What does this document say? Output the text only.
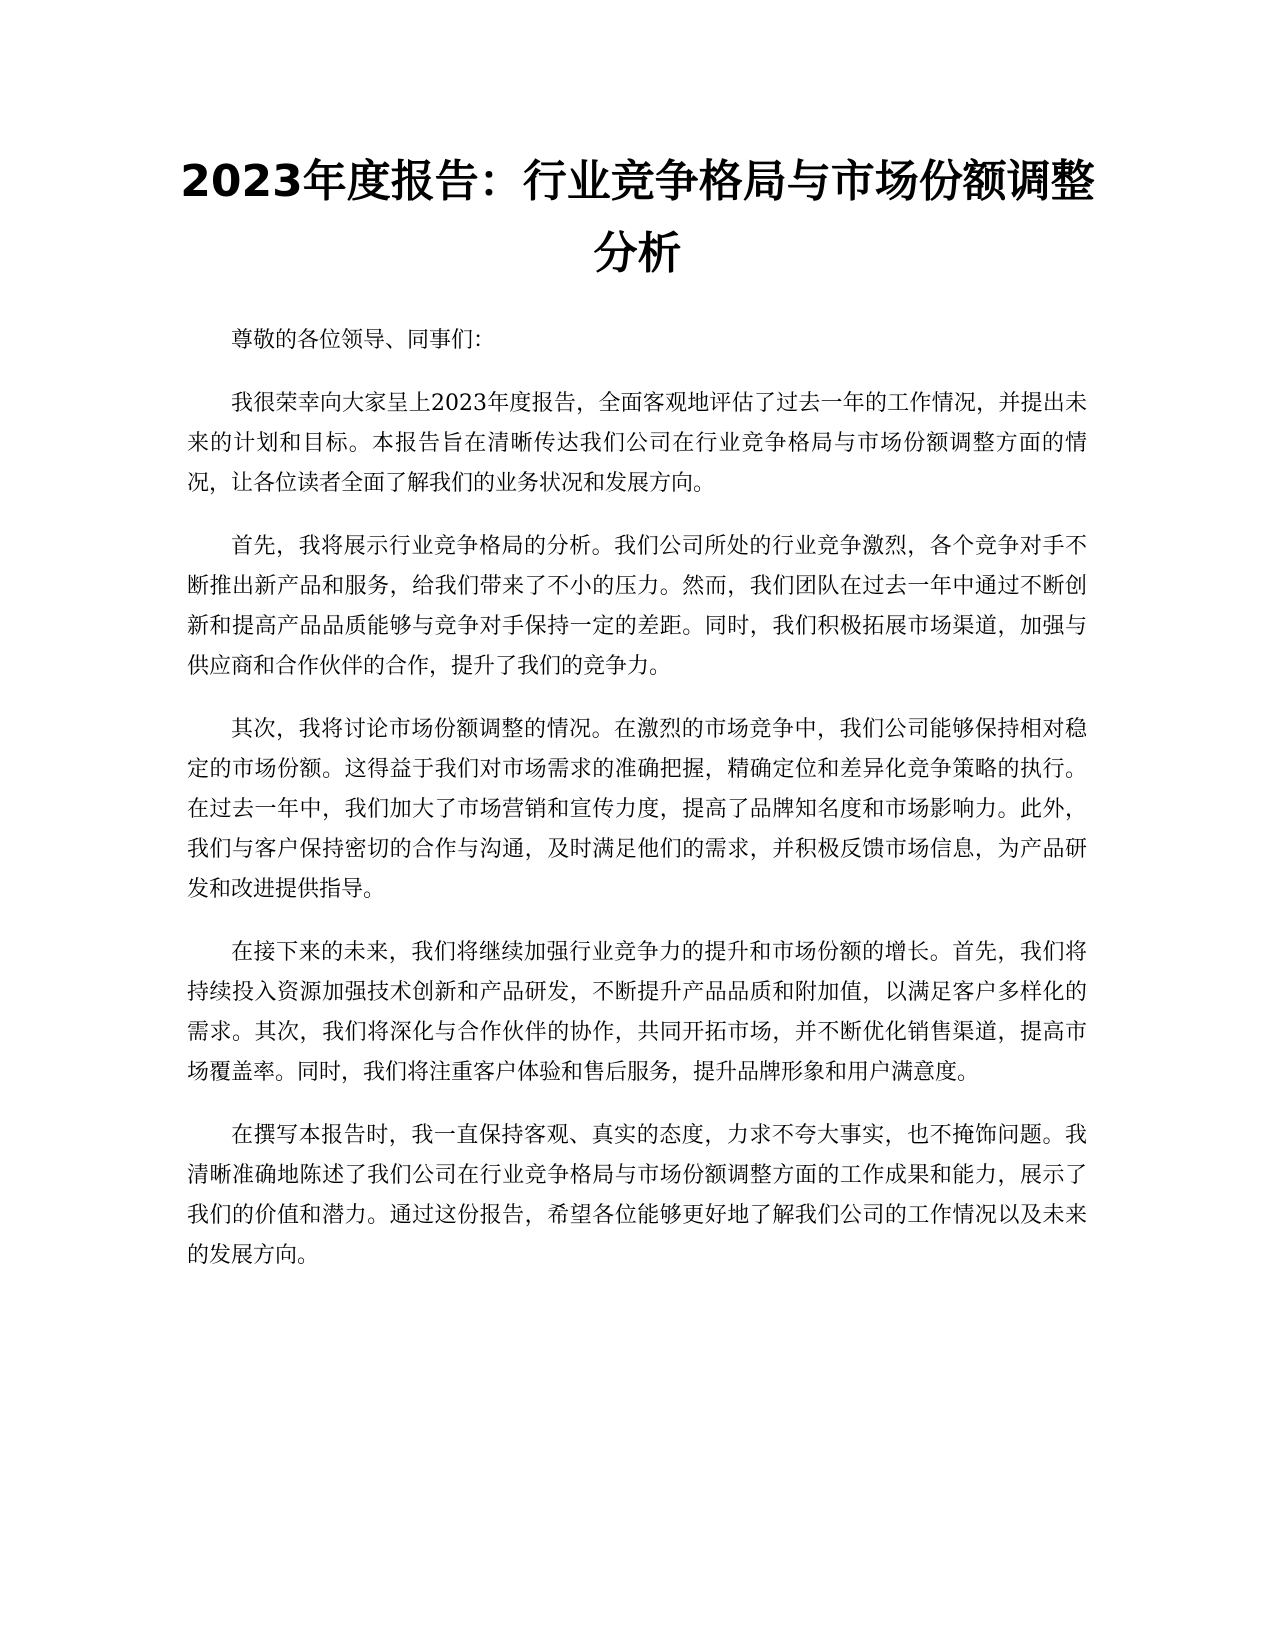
2023年度报告：行业竞争格局与市场份额调整分析

尊敬的各位领导、同事们：

我很荣幸向大家呈上2023年度报告，全面客观地评估了过去一年的工作情况，并提出未来的计划和目标。本报告旨在清晰传达我们公司在行业竞争格局与市场份额调整方面的情况，让各位读者全面了解我们的业务状况和发展方向。

首先，我将展示行业竞争格局的分析。我们公司所处的行业竞争激烈，各个竞争对手不断推出新产品和服务，给我们带来了不小的压力。然而，我们团队在过去一年中通过不断创新和提高产品品质能够与竞争对手保持一定的差距。同时，我们积极拓展市场渠道，加强与供应商和合作伙伴的合作，提升了我们的竞争力。

其次，我将讨论市场份额调整的情况。在激烈的市场竞争中，我们公司能够保持相对稳定的市场份额。这得益于我们对市场需求的准确把握，精确定位和差异化竞争策略的执行。在过去一年中，我们加大了市场营销和宣传力度，提高了品牌知名度和市场影响力。此外，我们与客户保持密切的合作与沟通，及时满足他们的需求，并积极反馈市场信息，为产品研发和改进提供指导。

在接下来的未来，我们将继续加强行业竞争力的提升和市场份额的增长。首先，我们将持续投入资源加强技术创新和产品研发，不断提升产品品质和附加值，以满足客户多样化的需求。其次，我们将深化与合作伙伴的协作，共同开拓市场，并不断优化销售渠道，提高市场覆盖率。同时，我们将注重客户体验和售后服务，提升品牌形象和用户满意度。

在撰写本报告时，我一直保持客观、真实的态度，力求不夸大事实，也不掩饰问题。我清晰准确地陈述了我们公司在行业竞争格局与市场份额调整方面的工作成果和能力，展示了我们的价值和潜力。通过这份报告，希望各位能够更好地了解我们公司的工作情况以及未来的发展方向。
